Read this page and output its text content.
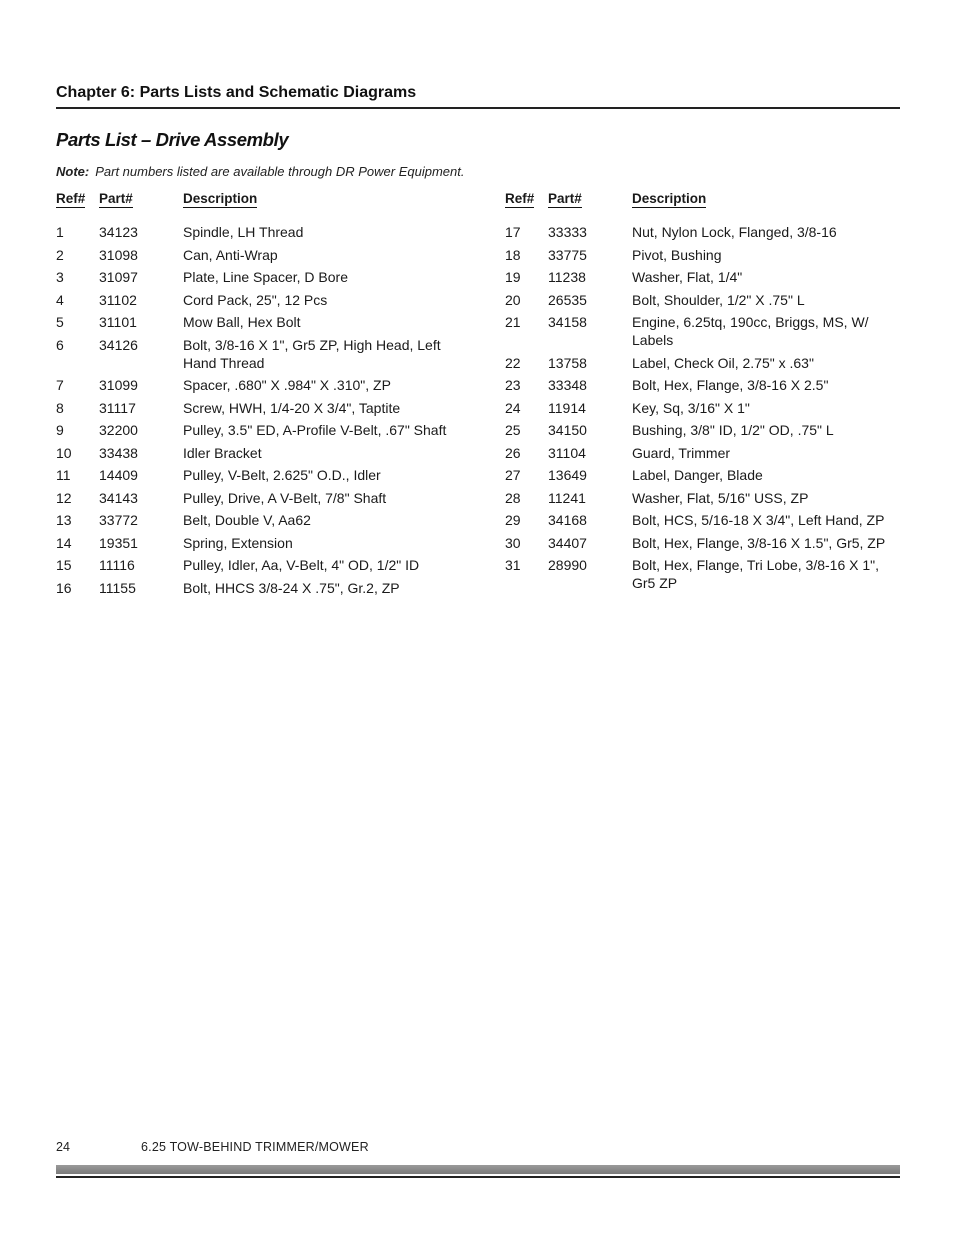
Chapter 6: Parts Lists and Schematic Diagrams
Parts List – Drive Assembly
Note: Part numbers listed are available through DR Power Equipment.
Ref# Part#	Description
1	34123	Spindle, LH Thread
2	31098	Can, Anti-Wrap
3	31097	Plate, Line Spacer, D Bore
4	31102	Cord Pack, 25", 12 Pcs
5	31101	Mow Ball, Hex Bolt
6	34126	Bolt, 3/8-16 X 1", Gr5 ZP, High Head, Left Hand Thread
7	31099	Spacer, .680" X .984" X .310", ZP
8	31117	Screw, HWH, 1/4-20 X 3/4", Taptite
9	32200	Pulley, 3.5" ED, A-Profile V-Belt, .67" Shaft
10 33438	Idler Bracket
11 14409	Pulley, V-Belt, 2.625" O.D., Idler
12 34143	Pulley, Drive, A V-Belt, 7/8" Shaft
13 33772	Belt, Double V, Aa62
14 19351	Spring, Extension
15 11116	Pulley, Idler, Aa, V-Belt, 4" OD, 1/2" ID
16 11155	Bolt, HHCS 3/8-24 X .75", Gr.2, ZP
Ref# Part#	Description
17 33333	Nut, Nylon Lock, Flanged, 3/8-16
18 33775	Pivot, Bushing
19 11238	Washer, Flat, 1/4"
20 26535	Bolt, Shoulder, 1/2" X .75" L
21 34158	Engine, 6.25tq, 190cc, Briggs, MS, W/ Labels
22 13758	Label, Check Oil, 2.75" x .63"
23 33348	Bolt, Hex, Flange, 3/8-16 X 2.5"
24 11914	Key, Sq, 3/16" X 1"
25 34150	Bushing, 3/8" ID, 1/2" OD, .75" L
26 31104	Guard, Trimmer
27 13649	Label, Danger, Blade
28 11241	Washer, Flat, 5/16" USS, ZP
29 34168	Bolt, HCS, 5/16-18 X 3/4", Left Hand, ZP
30 34407	Bolt, Hex, Flange, 3/8-16 X 1.5", Gr5, ZP
31 28990	Bolt, Hex, Flange, Tri Lobe, 3/8-16 X 1", Gr5 ZP
24	6.25 TOW-BEHIND TRIMMER/MOWER
